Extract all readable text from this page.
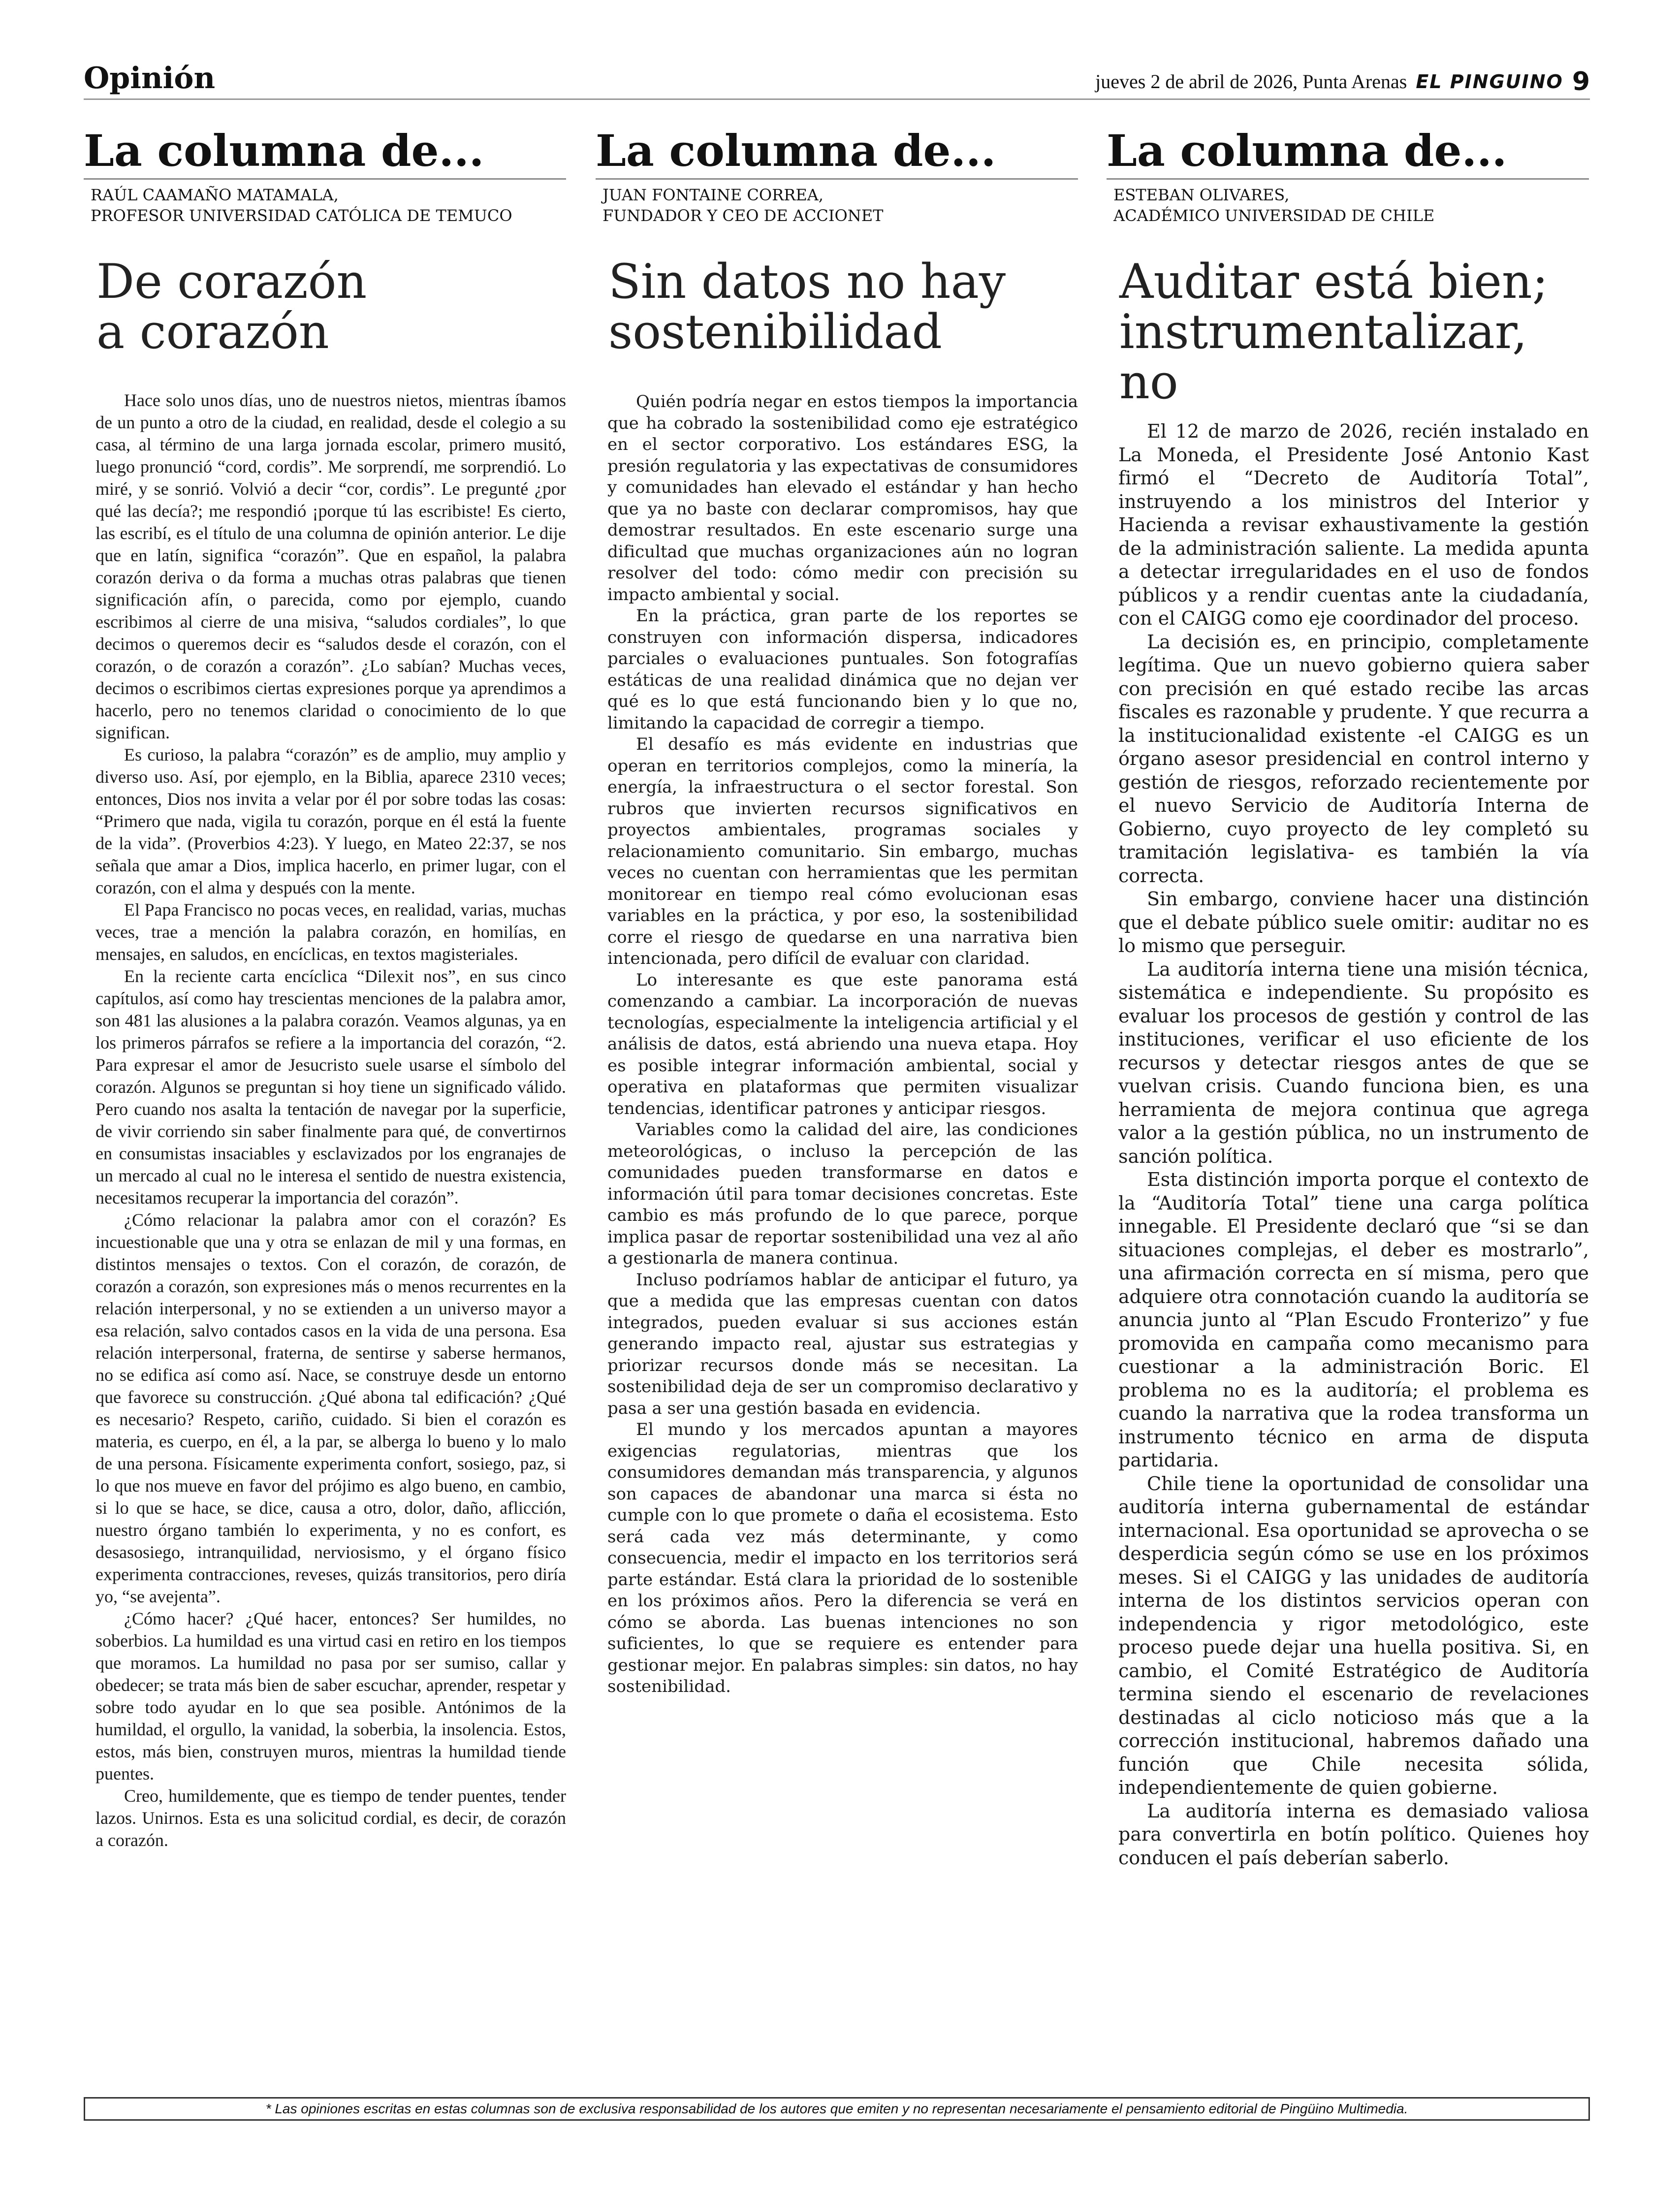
Opinión	jueves 2 de abril de 2026, Punta Arenas EL PINGUINO 9
La columna de...
RAÚL CAAMAÑO MATAMALA,
PROFESOR UNIVERSIDAD CATÓLICA DE TEMUCO
De corazón
a corazón

Hace solo unos días, uno de nuestros nietos, mientras íbamos de un punto a otro de la ciudad, en realidad, desde el colegio a su casa, al término de una larga jornada escolar, primero musitó, luego pronunció “cord, cordis”. Me sorprendí, me sorprendió. Lo miré, y se sonrió. Volvió a decir “cor, cordis”. Le pregunté ¿por qué las decía?; me respondió ¡porque tú las escribiste! Es cierto, las escribí, es el título de una columna de opinión anterior. Le dije que en latín, significa “corazón”. Que en español, la palabra corazón deriva o da forma a muchas otras palabras que tienen significación afín, o parecida, como por ejemplo, cuando escribimos al cierre de una misiva, “saludos cordiales”, lo que decimos o queremos decir es “saludos desde el corazón, con el corazón, o de corazón a corazón”. ¿Lo sabían? Muchas veces, decimos o escribimos ciertas expresiones porque ya aprendimos a hacerlo, pero no tenemos claridad o conocimiento de lo que significan.

Es curioso, la palabra “corazón” es de amplio, muy amplio y diverso uso. Así, por ejemplo, en la Biblia, aparece 2310 veces; entonces, Dios nos invita a velar por él por sobre todas las cosas: “Primero que nada, vigila tu corazón, porque en él está la fuente de la vida”. (Proverbios 4:23). Y luego, en Mateo 22:37, se nos señala que amar a Dios, implica hacerlo, en primer lugar, con el corazón, con el alma y después con la mente.

El Papa Francisco no pocas veces, en realidad, varias, muchas veces, trae a mención la palabra corazón, en homilías, en mensajes, en saludos, en encíclicas, en textos magisteriales.

En la reciente carta encíclica “Dilexit nos”, en sus cinco capítulos, así como hay trescientas menciones de la palabra amor, son 481 las alusiones a la palabra corazón. Veamos algunas, ya en los primeros párrafos se refiere a la importancia del corazón, “2. Para expresar el amor de Jesucristo suele usarse el símbolo del corazón. Algunos se preguntan si hoy tiene un significado válido. Pero cuando nos asalta la tentación de navegar por la superficie, de vivir corriendo sin saber finalmente para qué, de convertirnos en consumistas insaciables y esclavizados por los engranajes de un mercado al cual no le interesa el sentido de nuestra existencia, necesitamos recuperar la importancia del corazón”.

¿Cómo relacionar la palabra amor con el corazón? Es incuestionable que una y otra se enlazan de mil y una formas, en distintos mensajes o textos. Con el corazón, de corazón, de corazón a corazón, son expresiones más o menos recurrentes en la relación interpersonal, y no se extienden a un universo mayor a esa relación, salvo contados casos en la vida de una persona. Esa relación interpersonal, fraterna, de sentirse y saberse hermanos, no se edifica así como así. Nace, se construye desde un entorno que favorece su construcción. ¿Qué abona tal edificación? ¿Qué es necesario? Respeto, cariño, cuidado. Si bien el corazón es materia, es cuerpo, en él, a la par, se alberga lo bueno y lo malo de una persona. Físicamente experimenta confort, sosiego, paz, si lo que nos mueve en favor del prójimo es algo bueno, en cambio, si lo que se hace, se dice, causa a otro, dolor, daño, aflicción, nuestro órgano también lo experimenta, y no es confort, es desasosiego, intranquilidad, nerviosismo, y el órgano físico experimenta contracciones, reveses, quizás transitorios, pero diría yo, “se avejenta”.

¿Cómo hacer? ¿Qué hacer, entonces? Ser humildes, no soberbios. La humildad es una virtud casi en retiro en los tiempos que moramos. La humildad no pasa por ser sumiso, callar y obedecer; se trata más bien de saber escuchar, aprender, respetar y sobre todo ayudar en lo que sea posible. Antónimos de la humildad, el orgullo, la vanidad, la soberbia, la insolencia. Estos, estos, más bien, construyen muros, mientras la humildad tiende puentes.

Creo, humildemente, que es tiempo de tender puentes, tender lazos. Unirnos. Esta es una solicitud cordial, es decir, de corazón a corazón.

La columna de...
JUAN FONTAINE CORREA,
FUNDADOR Y CEO DE ACCIONET
Sin datos no hay
sostenibilidad

Quién podría negar en estos tiempos la importancia que ha cobrado la sostenibilidad como eje estratégico en el sector corporativo. Los estándares ESG, la presión regulatoria y las expectativas de consumidores y comunidades han elevado el estándar y han hecho que ya no baste con declarar compromisos, hay que demostrar resultados. En este escenario surge una dificultad que muchas organizaciones aún no logran resolver del todo: cómo medir con precisión su impacto ambiental y social.

En la práctica, gran parte de los reportes se construyen con información dispersa, indicadores parciales o evaluaciones puntuales. Son fotografías estáticas de una realidad dinámica que no dejan ver qué es lo que está funcionando bien y lo que no, limitando la capacidad de corregir a tiempo.

El desafío es más evidente en industrias que operan en territorios complejos, como la minería, la energía, la infraestructura o el sector forestal. Son rubros que invierten recursos significativos en proyectos ambientales, programas sociales y relacionamiento comunitario. Sin embargo, muchas veces no cuentan con herramientas que les permitan monitorear en tiempo real cómo evolucionan esas variables en la práctica, y por eso, la sostenibilidad corre el riesgo de quedarse en una narrativa bien intencionada, pero difícil de evaluar con claridad.

Lo interesante es que este panorama está comenzando a cambiar. La incorporación de nuevas tecnologías, especialmente la inteligencia artificial y el análisis de datos, está abriendo una nueva etapa. Hoy es posible integrar información ambiental, social y operativa en plataformas que permiten visualizar tendencias, identificar patrones y anticipar riesgos.

Variables como la calidad del aire, las condiciones meteorológicas, o incluso la percepción de las comunidades pueden transformarse en datos e información útil para tomar decisiones concretas. Este cambio es más profundo de lo que parece, porque implica pasar de reportar sostenibilidad una vez al año a gestionarla de manera continua.

Incluso podríamos hablar de anticipar el futuro, ya que a medida que las empresas cuentan con datos integrados, pueden evaluar si sus acciones están generando impacto real, ajustar sus estrategias y priorizar recursos donde más se necesitan. La sostenibilidad deja de ser un compromiso declarativo y pasa a ser una gestión basada en evidencia.

El mundo y los mercados apuntan a mayores exigencias regulatorias, mientras que los consumidores demandan más transparencia, y algunos son capaces de abandonar una marca si ésta no cumple con lo que promete o daña el ecosistema. Esto será cada vez más determinante, y como consecuencia, medir el impacto en los territorios será parte estándar. Está clara la prioridad de lo sostenible en los próximos años. Pero la diferencia se verá en cómo se aborda. Las buenas intenciones no son suficientes, lo que se requiere es entender para gestionar mejor. En palabras simples: sin datos, no hay sostenibilidad.

La columna de...
ESTEBAN OLIVARES,
ACADÉMICO UNIVERSIDAD DE CHILE
Auditar está bien;
instrumentalizar,
no

El 12 de marzo de 2026, recién instalado en La Moneda, el Presidente José Antonio Kast firmó el “Decreto de Auditoría Total”, instruyendo a los ministros del Interior y Hacienda a revisar exhaustivamente la gestión de la administración saliente. La medida apunta a detectar irregularidades en el uso de fondos públicos y a rendir cuentas ante la ciudadanía, con el CAIGG como eje coordinador del proceso.

La decisión es, en principio, completamente legítima. Que un nuevo gobierno quiera saber con precisión en qué estado recibe las arcas fiscales es razonable y prudente. Y que recurra a la institucionalidad existente -el CAIGG es un órgano asesor presidencial en control interno y gestión de riesgos, reforzado recientemente por el nuevo Servicio de Auditoría Interna de Gobierno, cuyo proyecto de ley completó su tramitación legislativa- es también la vía correcta.

Sin embargo, conviene hacer una distinción que el debate público suele omitir: auditar no es lo mismo que perseguir.

La auditoría interna tiene una misión técnica, sistemática e independiente. Su propósito es evaluar los procesos de gestión y control de las instituciones, verificar el uso eficiente de los recursos y detectar riesgos antes de que se vuelvan crisis. Cuando funciona bien, es una herramienta de mejora continua que agrega valor a la gestión pública, no un instrumento de sanción política.

Esta distinción importa porque el contexto de la “Auditoría Total” tiene una carga política innegable. El Presidente declaró que “si se dan situaciones complejas, el deber es mostrarlo”, una afirmación correcta en sí misma, pero que adquiere otra connotación cuando la auditoría se anuncia junto al “Plan Escudo Fronterizo” y fue promovida en campaña como mecanismo para cuestionar a la administración Boric. El problema no es la auditoría; el problema es cuando la narrativa que la rodea transforma un instrumento técnico en arma de disputa partidaria.

Chile tiene la oportunidad de consolidar una auditoría interna gubernamental de estándar internacional. Esa oportunidad se aprovecha o se desperdicia según cómo se use en los próximos meses. Si el CAIGG y las unidades de auditoría interna de los distintos servicios operan con independencia y rigor metodológico, este proceso puede dejar una huella positiva. Si, en cambio, el Comité Estratégico de Auditoría termina siendo el escenario de revelaciones destinadas al ciclo noticioso más que a la corrección institucional, habremos dañado una función que Chile necesita sólida, independientemente de quien gobierne.

La auditoría interna es demasiado valiosa para convertirla en botín político. Quienes hoy conducen el país deberían saberlo.

* Las opiniones escritas en estas columnas son de exclusiva responsabilidad de los autores que emiten y no representan necesariamente el pensamiento editorial de Pingüino Multimedia.
